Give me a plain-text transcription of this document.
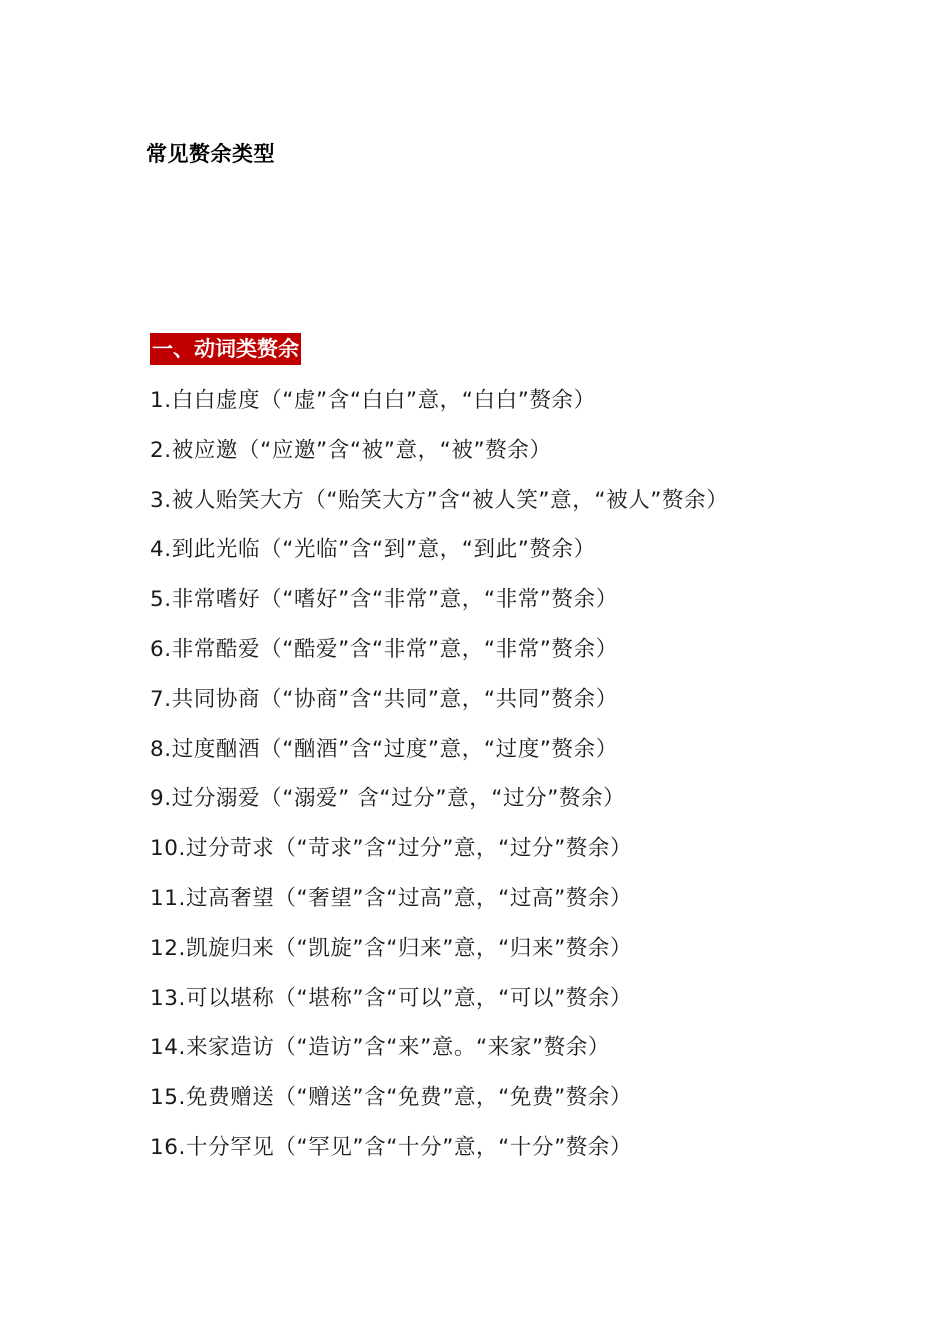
常见赘余类型
一、动词类赘余
1.白白虚度（“虚”含“白白”意，“白白”赘余）
2.被应邀（“应邀”含“被”意，“被”赘余）
3.被人贻笑大方（“贻笑大方”含“被人笑”意，“被人”赘余）
4.到此光临（“光临”含“到”意，“到此”赘余）
5.非常嗜好（“嗜好”含“非常”意，“非常”赘余）
6.非常酷爱（“酷爱”含“非常”意，“非常”赘余）
7.共同协商（“协商”含“共同”意，“共同”赘余）
8.过度酗酒（“酗酒”含“过度”意，“过度”赘余）
9.过分溺爱（“溺爱” 含“过分”意，“过分”赘余）
10.过分苛求（“苛求”含“过分”意，“过分”赘余）
11.过高奢望（“奢望”含“过高”意，“过高”赘余）
12.凯旋归来（“凯旋”含“归来”意，“归来”赘余）
13.可以堪称（“堪称”含“可以”意，“可以”赘余）
14.来家造访（“造访”含“来”意。“来家”赘余）
15.免费赠送（“赠送”含“免费”意，“免费”赘余）
16.十分罕见（“罕见”含“十分”意，“十分”赘余）
